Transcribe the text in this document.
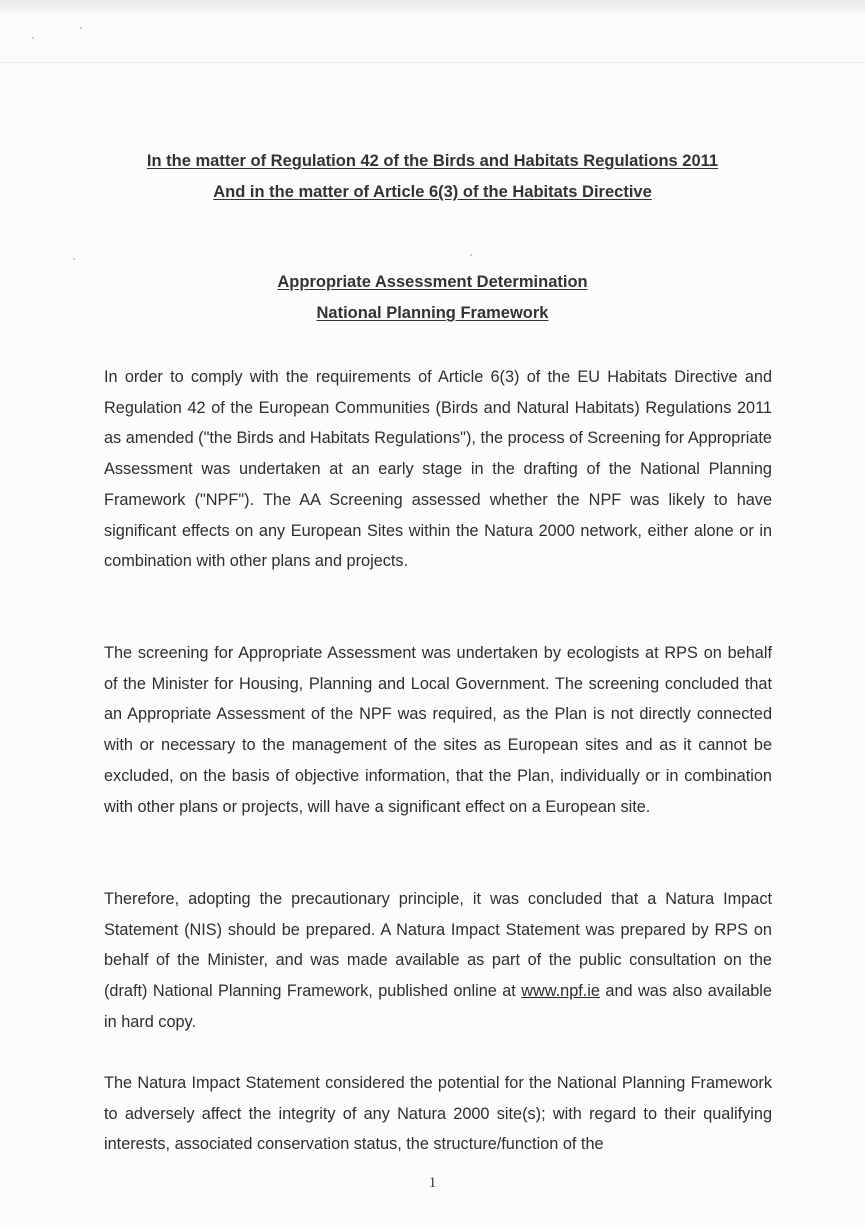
In the matter of Regulation 42 of the Birds and Habitats Regulations 2011
And in the matter of Article 6(3) of the Habitats Directive
Appropriate Assessment Determination
National Planning Framework

In order to comply with the requirements of Article 6(3) of the EU Habitats Directive and Regulation 42 of the European Communities (Birds and Natural Habitats) Regulations 2011 as amended ("the Birds and Habitats Regulations"), the process of Screening for Appropriate Assessment was undertaken at an early stage in the drafting of the National Planning Framework ("NPF"). The AA Screening assessed whether the NPF was likely to have significant effects on any European Sites within the Natura 2000 network, either alone or in combination with other plans and projects.

The screening for Appropriate Assessment was undertaken by ecologists at RPS on behalf of the Minister for Housing, Planning and Local Government. The screening concluded that an Appropriate Assessment of the NPF was required, as the Plan is not directly connected with or necessary to the management of the sites as European sites and as it cannot be excluded, on the basis of objective information, that the Plan, individually or in combination with other plans or projects, will have a significant effect on a European site.

Therefore, adopting the precautionary principle, it was concluded that a Natura Impact Statement (NIS) should be prepared. A Natura Impact Statement was prepared by RPS on behalf of the Minister, and was made available as part of the public consultation on the (draft) National Planning Framework, published online at www.npf.ie and was also available in hard copy.

The Natura Impact Statement considered the potential for the National Planning Framework to adversely affect the integrity of any Natura 2000 site(s); with regard to their qualifying interests, associated conservation status, the structure/function of the

1
